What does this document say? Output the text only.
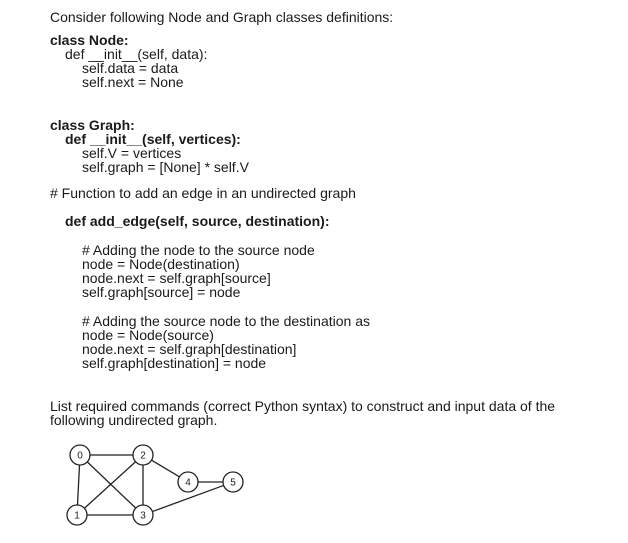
Consider following Node and Graph classes definitions:
class Node:
def __init__(self, data):
self.data = data
self.next = None
class Graph:
def __init__(self, vertices):
self.V = vertices
self.graph = [None] * self.V
# Function to add an edge in an undirected graph
def add_edge(self, source, destination):
# Adding the node to the source node
node = Node(destination)
node.next = self.graph[source]
self.graph[source] = node
# Adding the source node to the destination as
node = Node(source)
node.next = self.graph[destination]
self.graph[destination] = node
List required commands (correct Python syntax) to construct and input data of the
following undirected graph.
0
1
2
3
4	5
